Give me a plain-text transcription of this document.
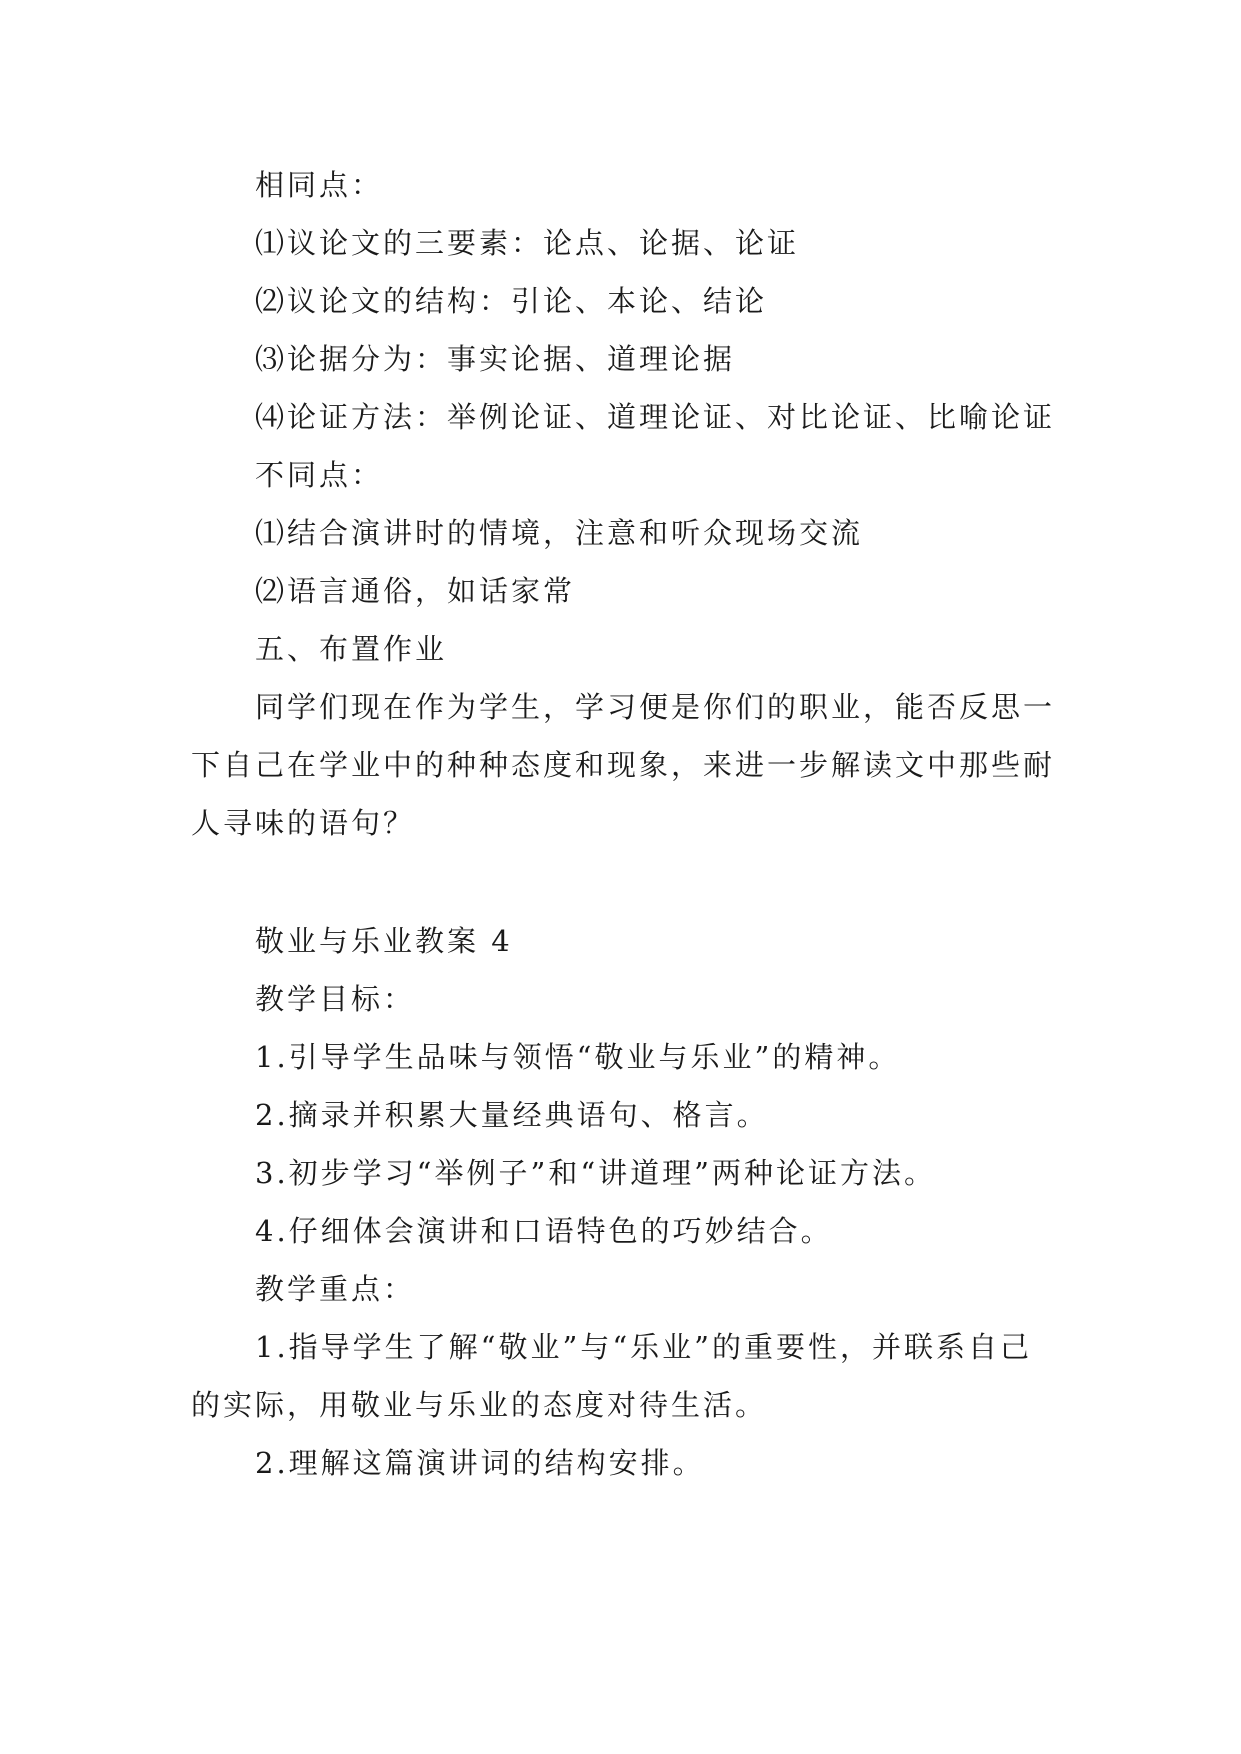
相同点：

⑴议论文的三要素：论点、论据、论证

⑵议论文的结构：引论、本论、结论

⑶论据分为：事实论据、道理论据

⑷论证方法：举例论证、道理论证、对比论证、比喻论证

不同点：

⑴结合演讲时的情境，注意和听众现场交流

⑵语言通俗，如话家常

五、布置作业

同学们现在作为学生，学习便是你们的职业，能否反思一下自己在学业中的种种态度和现象，来进一步解读文中那些耐人寻味的语句？

敬业与乐业教案 4

教学目标：

1.引导学生品味与领悟“敬业与乐业”的精神。

2.摘录并积累大量经典语句、格言。

3.初步学习“举例子”和“讲道理”两种论证方法。

4.仔细体会演讲和口语特色的巧妙结合。

教学重点：

1.指导学生了解“敬业”与“乐业”的重要性，并联系自己的实际，用敬业与乐业的态度对待生活。

2.理解这篇演讲词的结构安排。
